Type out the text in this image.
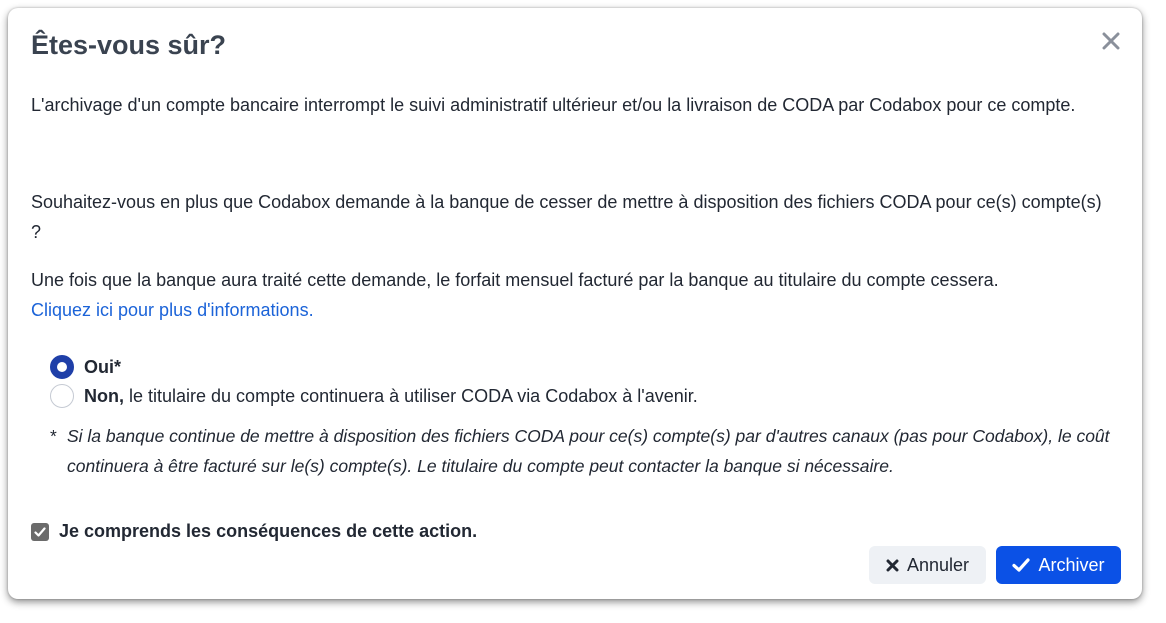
Êtes-vous sûr?

L'archivage d'un compte bancaire interrompt le suivi administratif ultérieur et/ou la livraison de CODA par Codabox pour ce compte.

Souhaitez-vous en plus que Codabox demande à la banque de cesser de mettre à disposition des fichiers CODA pour ce(s) compte(s) ?

Une fois que la banque aura traité cette demande, le forfait mensuel facturé par la banque au titulaire du compte cessera.
Cliquez ici pour plus d'informations.

Oui*
Non, le titulaire du compte continuera à utiliser CODA via Codabox à l'avenir.
* Si la banque continue de mettre à disposition des fichiers CODA pour ce(s) compte(s) par d'autres canaux (pas pour Codabox), le coût continuera à être facturé sur le(s) compte(s). Le titulaire du compte peut contacter la banque si nécessaire.
Je comprends les conséquences de cette action.
Annuler	Archiver
